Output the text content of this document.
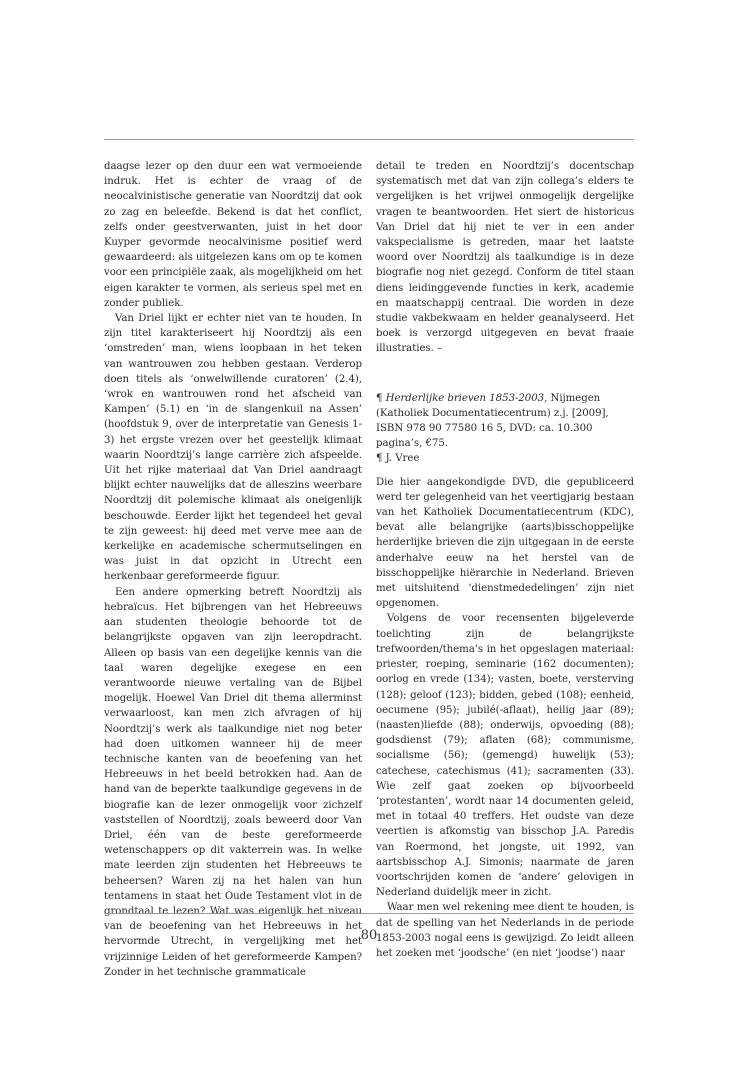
daagse lezer op den duur een wat vermoeiende indruk. Het is echter de vraag of de neocalvinistische generatie van Noordtzij dat ook zo zag en beleefde. Bekend is dat het conflict, zelfs onder geestverwanten, juist in het door Kuyper gevormde neocalvinisme positief werd gewaardeerd: als uitgelezen kans om op te komen voor een principiële zaak, als mogelijkheid om het eigen karakter te vormen, als serieus spel met en zonder publiek.

Van Driel lijkt er echter niet van te houden. In zijn titel karakteriseert hij Noordtzij als een ‘omstreden’ man, wiens loopbaan in het teken van wantrouwen zou hebben gestaan. Verderop doen titels als ‘onwelwillende curatoren’ (2.4), ‘wrok en wantrouwen rond het afscheid van Kampen’ (5.1) en ‘in de slangenkuil na Assen’ (hoofdstuk 9, over de interpretatie van Genesis 1-3) het ergste vrezen over het geestelijk klimaat waarin Noordtzij’s lange carrière zich afspeelde. Uit het rijke materiaal dat Van Driel aandraagt blijkt echter nauwelijks dat de alleszins weerbare Noordtzij dit polemische klimaat als oneigenlijk beschouwde. Eerder lijkt het tegendeel het geval te zijn geweest: hij deed met verve mee aan de kerkelijke en academische schermutselingen en was juist in dat opzicht in Utrecht een herkenbaar gereformeerde figuur.

Een andere opmerking betreft Noordtzij als hebraïcus. Het bijbrengen van het Hebreeuws aan studenten theologie behoorde tot de belangrijkste opgaven van zijn leeropdracht. Alleen op basis van een degelijke kennis van die taal waren degelijke exegese en een verantwoorde nieuwe vertaling van de Bijbel mogelijk. Hoewel Van Driel dit thema allerminst verwaarloost, kan men zich afvragen of hij Noordtzij’s werk als taalkundige niet nog beter had doen uitkomen wanneer hij de meer technische kanten van de beoefening van het Hebreeuws in het beeld betrokken had. Aan de hand van de beperkte taalkundige gegevens in de biografie kan de lezer onmogelijk voor zichzelf vaststellen of Noordtzij, zoals beweerd door Van Driel, één van de beste gereformeerde wetenschappers op dit vakterrein was. In welke mate leerden zijn studenten het Hebreeuws te beheersen? Waren zij na het halen van hun tentamens in staat het Oude Testament vlot in de grondtaal te lezen? Wat was eigenlijk het niveau van de beoefening van het Hebreeuws in het hervormde Utrecht, in vergelijking met het vrijzinnige Leiden of het gereformeerde Kampen? Zonder in het technische grammaticale

detail te treden en Noordtzij’s docentschap systematisch met dat van zijn collega’s elders te vergelijken is het vrijwel onmogelijk dergelijke vragen te beantwoorden. Het siert de historicus Van Driel dat hij niet te ver in een ander vakspecialisme is getreden, maar het laatste woord over Noordtzij als taalkundige is in deze biografie nog niet gezegd. Conform de titel staan diens leidinggevende functies in kerk, academie en maatschappij centraal. Die worden in deze studie vakbekwaam en helder geanalyseerd. Het boek is verzorgd uitgegeven en bevat fraaie illustraties. –

¶ Herderlijke brieven 1853-2003, Nijmegen
(Katholiek Documentatiecentrum) z.j. [2009],
ISBN 978 90 77580 16 5, DVD: ca. 10.300
pagina’s, €75.
¶ J. Vree

Die hier aangekondigde DVD, die gepubliceerd werd ter gelegenheid van het veertigjarig bestaan van het Katholiek Documentatiecentrum (KDC), bevat alle belangrijke (aarts)bisschoppelijke herderlijke brieven die zijn uitgegaan in de eerste anderhalve eeuw na het herstel van de bisschoppelijke hiërarchie in Nederland. Brieven met uitsluitend ‘dienstmededelingen’ zijn niet opgenomen.

Volgens de voor recensenten bijgeleverde toelichting zijn de belangrijkste trefwoorden/thema’s in het opgeslagen materiaal: priester, roeping, seminarie (162 documenten); oorlog en vrede (134); vasten, boete, versterving (128); geloof (123); bidden, gebed (108); eenheid, oecumene (95); jubilé(-aflaat), heilig jaar (89); (naasten)liefde (88); onderwijs, opvoeding (88); godsdienst (79); aflaten (68); communisme, socialisme (56); (gemengd) huwelijk (53); catechese, catechismus (41); sacramenten (33). Wie zelf gaat zoeken op bijvoorbeeld ‘protestanten’, wordt naar 14 documenten geleid, met in totaal 40 treffers. Het oudste van deze veertien is afkomstig van bisschop J.A. Paredis van Roermond, het jongste, uit 1992, van aartsbisschop A.J. Simonis; naarmate de jaren voortschrijden komen de ‘andere’ gelovigen in Nederland duidelijk meer in zicht.

Waar men wel rekening mee dient te houden, is dat de spelling van het Nederlands in de periode 1853-2003 nogal eens is gewijzigd. Zo leidt alleen het zoeken met ‘joodsche’ (en niet ‘joodse’) naar

80
